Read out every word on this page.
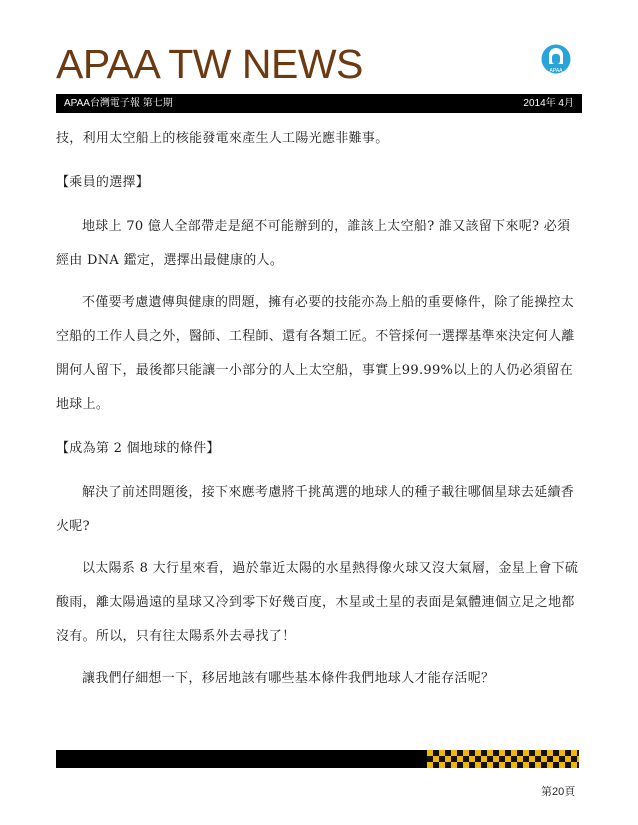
APAA TW NEWS	APAA
APAA台灣電子報 第七期	2014年 4月

技，利用太空船上的核能發電來產生人工陽光應非難事。

【乘員的選擇】

地球上 70 億人全部帶走是絕不可能辦到的，誰該上太空船? 誰又該留下來呢? 必須經由 DNA 鑑定，選擇出最健康的人。

不僅要考慮遺傳與健康的問題，擁有必要的技能亦為上船的重要條件，除了能操控太空船的工作人員之外，醫師、工程師、還有各類工匠。不管採何一選擇基準來決定何人離開何人留下，最後都只能讓一小部分的人上太空船，事實上99.99%以上的人仍必須留在地球上。

【成為第 2 個地球的條件】

解決了前述問題後，接下來應考慮將千挑萬選的地球人的種子載往哪個星球去延續香火呢?

以太陽系 8 大行星來看，過於靠近太陽的水星熱得像火球又沒大氣層，金星上會下硫酸雨，離太陽過遠的星球又冷到零下好幾百度，木星或土星的表面是氣體連個立足之地都沒有。所以，只有往太陽系外去尋找了！

讓我們仔細想一下，移居地該有哪些基本條件我們地球人才能存活呢？

第20頁
